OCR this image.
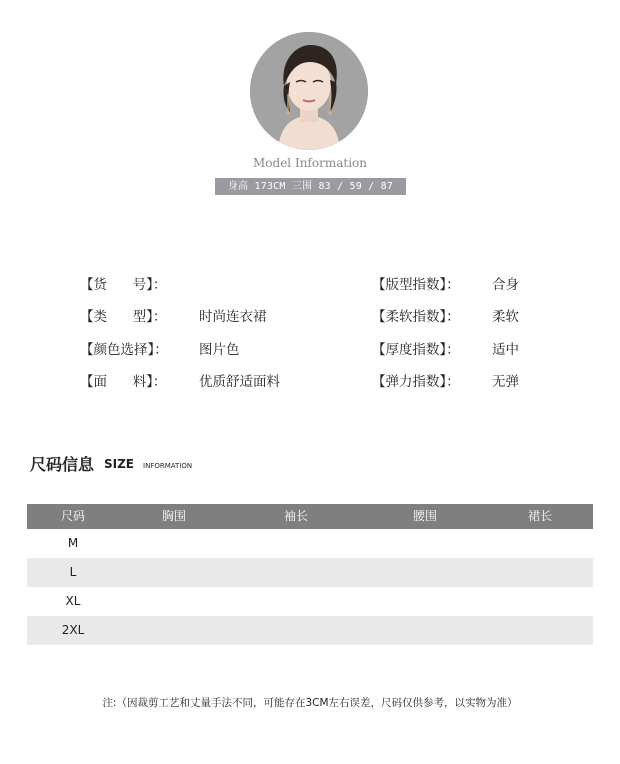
Model Information
身高 173CM 三围 83 / 59 / 87
【货      号】：
【类      型】： 时尚连衣裙
【颜色选择】： 图片色
【面      料】： 优质舒适面料
【版型指数】： 合身
【柔软指数】： 柔软
【厚度指数】： 适中
【弹力指数】： 无弹
尺码信息 SIZE INFORMATION
尺码	胸围	袖长	腰围	裙长
M
L
XL
2XL
注:（因裁剪工艺和丈量手法不同，可能存在3CM左右误差，尺码仅供参考，以实物为准）
